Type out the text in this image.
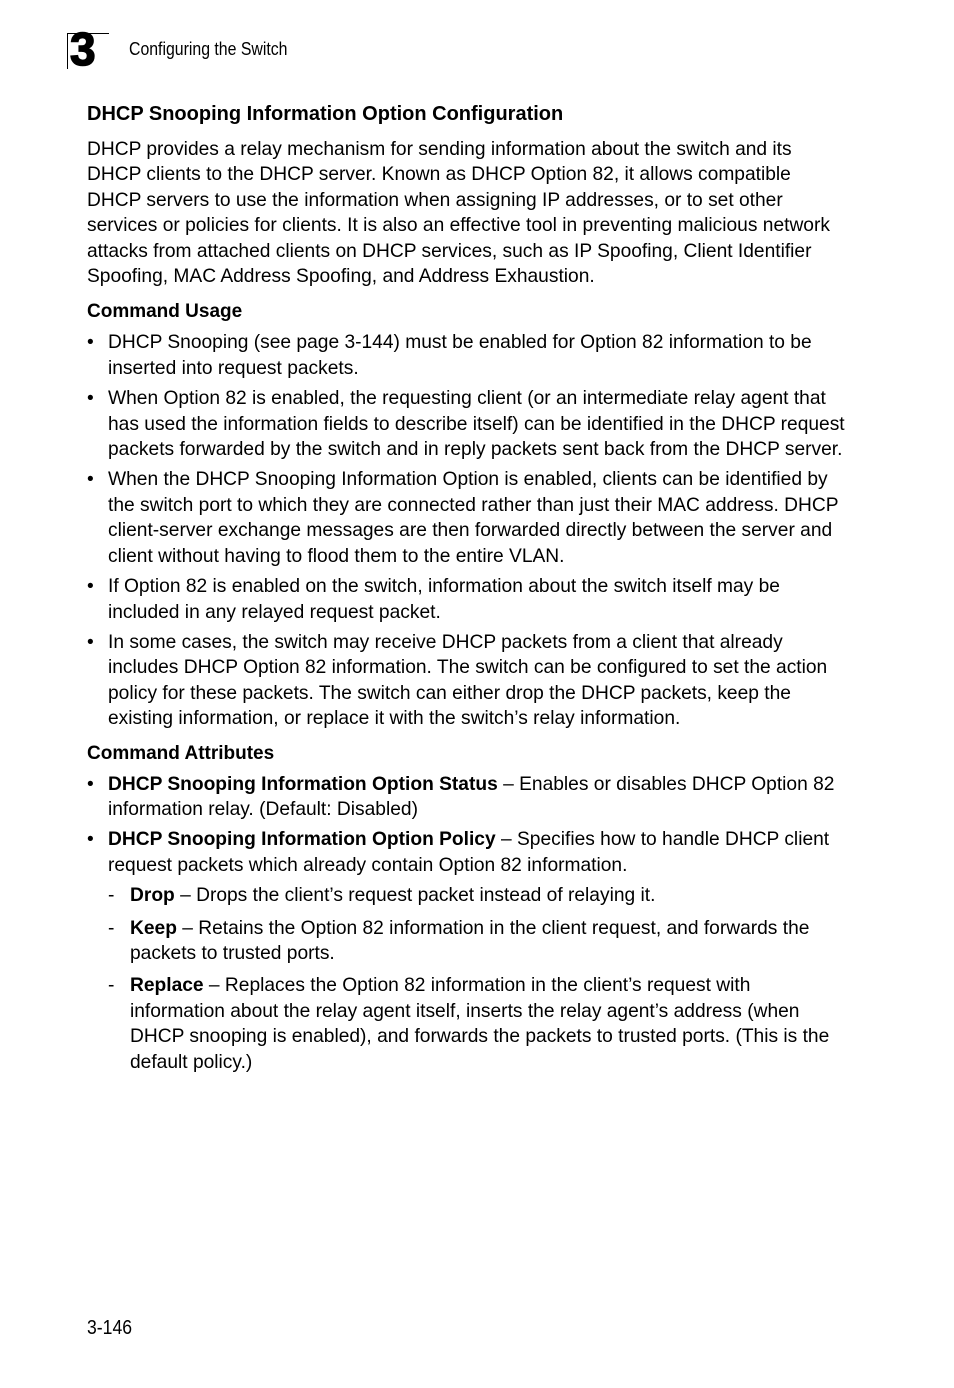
3 Configuring the Switch
DHCP Snooping Information Option Configuration

DHCP provides a relay mechanism for sending information about the switch and its DHCP clients to the DHCP server. Known as DHCP Option 82, it allows compatible DHCP servers to use the information when assigning IP addresses, or to set other services or policies for clients. It is also an effective tool in preventing malicious network attacks from attached clients on DHCP services, such as IP Spoofing, Client Identifier Spoofing, MAC Address Spoofing, and Address Exhaustion.

Command Usage
• DHCP Snooping (see page 3-144) must be enabled for Option 82 information to be inserted into request packets.
• When Option 82 is enabled, the requesting client (or an intermediate relay agent that has used the information fields to describe itself) can be identified in the DHCP request packets forwarded by the switch and in reply packets sent back from the DHCP server.
• When the DHCP Snooping Information Option is enabled, clients can be identified by the switch port to which they are connected rather than just their MAC address. DHCP client-server exchange messages are then forwarded directly between the server and client without having to flood them to the entire VLAN.
• If Option 82 is enabled on the switch, information about the switch itself may be included in any relayed request packet.
• In some cases, the switch may receive DHCP packets from a client that already includes DHCP Option 82 information. The switch can be configured to set the action policy for these packets. The switch can either drop the DHCP packets, keep the existing information, or replace it with the switch’s relay information.
Command Attributes
• DHCP Snooping Information Option Status – Enables or disables DHCP Option 82 information relay. (Default: Disabled)
• DHCP Snooping Information Option Policy – Specifies how to handle DHCP client request packets which already contain Option 82 information.
- Drop – Drops the client’s request packet instead of relaying it.
- Keep – Retains the Option 82 information in the client request, and forwards the packets to trusted ports.
- Replace – Replaces the Option 82 information in the client’s request with information about the relay agent itself, inserts the relay agent’s address (when DHCP snooping is enabled), and forwards the packets to trusted ports. (This is the default policy.)
3-146
